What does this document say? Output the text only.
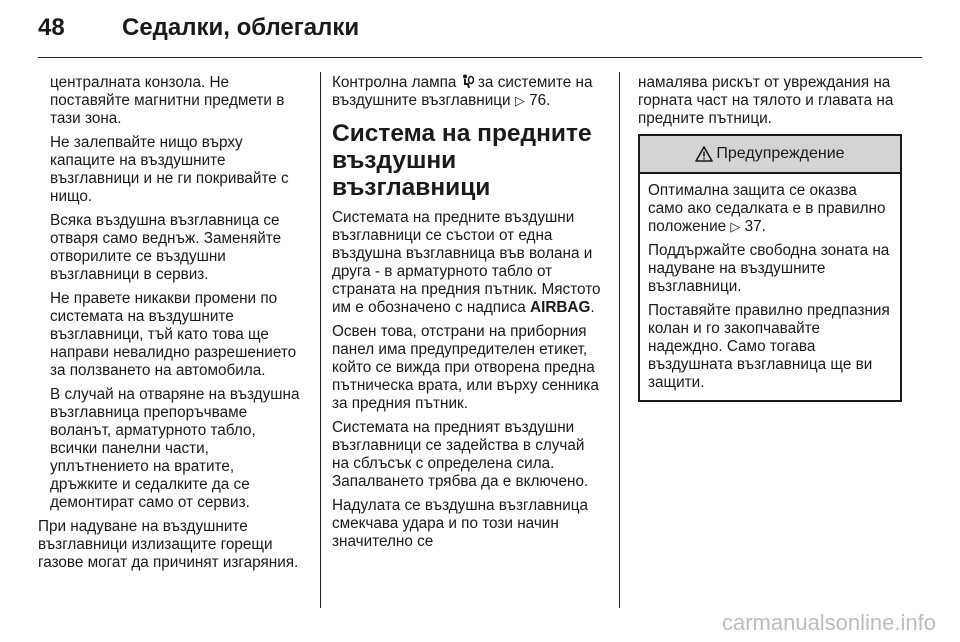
48	Седалки, облегалки

централната конзола. Не поставяйте магнитни предмети в тази зона.

Не залепвайте нищо върху капаците на въздушните възглавници и не ги покривайте с нищо.

Всяка въздушна възглавница се отваря само веднъж. Заменяйте отворилите се въздушни възглавници в сервиз.

Не правете никакви промени по системата на въздушните възглавници, тъй като това ще направи невалидно разрешението за ползването на автомобила.

В случай на отваряне на въздушна възглавница препоръчваме воланът, арматурното табло, всички панелни части, уплътнението на вратите, дръжките и седалките да се демонтират само от сервиз.

При надуване на въздушните възглавници излизащите горещи газове могат да причинят изгаряния.

Контролна лампа  за системите на въздушните възглавници ▷ 76.

Система на предните въздушни възглавници

Системата на предните въздушни възглавници се състои от една въздушна възглавница във волана и друга - в арматурното табло от страната на предния пътник. Мястото им е обозначено с надписа AIRBAG.

Освен това, отстрани на приборния панел има предупредителен етикет, който се вижда при отворена предна пътническа врата, или върху сенника за предния пътник.

Системата на предният въздушни възглавници се задейства в случай на сблъсък с определена сила. Запалването трябва да е включено.

Надулата се въздушна възглавница смекчава удара и по този начин значително се

намалява рискът от увреждания на горната част на тялото и главата на предните пътници.

Предупреждение

Оптимална защита се оказва само ако седалката е в правилно положение ▷ 37.

Поддържайте свободна зоната на надуване на въздушните възглавници.

Поставяйте правилно предпазния колан и го закопчавайте надеждно. Само тогава въздушната възглавница ще ви защити.

carmanualsonline.info
